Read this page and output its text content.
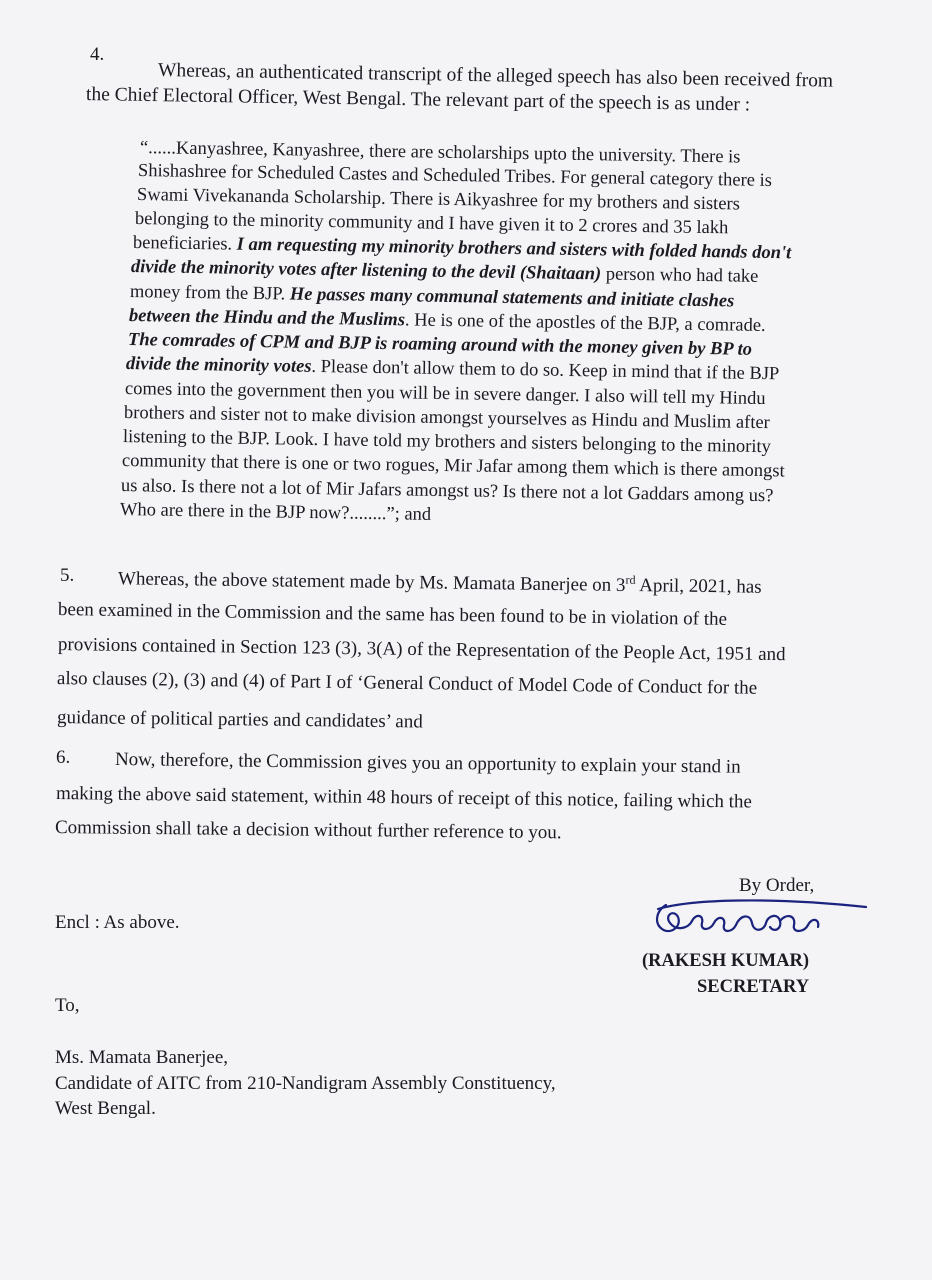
4.

Whereas, an authenticated transcript of the alleged speech has also been received from

the Chief Electoral Officer, West Bengal. The relevant part of the speech is as under :

“......Kanyashree, Kanyashree, there are scholarships upto the university. There is

Shishashree for Scheduled Castes and Scheduled Tribes. For general category there is

Swami Vivekananda Scholarship. There is Aikyashree for my brothers and sisters

belonging to the minority community and I have given it to 2 crores and 35 lakh

beneficiaries. I am requesting my minority brothers and sisters with folded hands don't

divide the minority votes after listening to the devil (Shaitaan) person who had take

money from the BJP. He passes many communal statements and initiate clashes

between the Hindu and the Muslims. He is one of the apostles of the BJP, a comrade.

The comrades of CPM and BJP is roaming around with the money given by BP to

divide the minority votes. Please don't allow them to do so. Keep in mind that if the BJP

comes into the government then you will be in severe danger. I also will tell my Hindu

brothers and sister not to make division amongst yourselves as Hindu and Muslim after

listening to the BJP. Look. I have told my brothers and sisters belonging to the minority

community that there is one or two rogues, Mir Jafar among them which is there amongst

us also. Is there not a lot of Mir Jafars amongst us? Is there not a lot Gaddars among us?

Who are there in the BJP now?........”; and

5. Whereas, the above statement made by Ms. Mamata Banerjee on 3rd April, 2021, has

been examined in the Commission and the same has been found to be in violation of the

provisions contained in Section 123 (3), 3(A) of the Representation of the People Act, 1951 and

also clauses (2), (3) and (4) of Part I of ‘General Conduct of Model Code of Conduct for the

guidance of political parties and candidates’ and

6. Now, therefore, the Commission gives you an opportunity to explain your stand in

making the above said statement, within 48 hours of receipt of this notice, failing which the

Commission shall take a decision without further reference to you.

By Order,

(RAKESH KUMAR)

SECRETARY

Encl : As above.

To,

Ms. Mamata Banerjee,

Candidate of AITC from 210-Nandigram Assembly Constituency,

West Bengal.
